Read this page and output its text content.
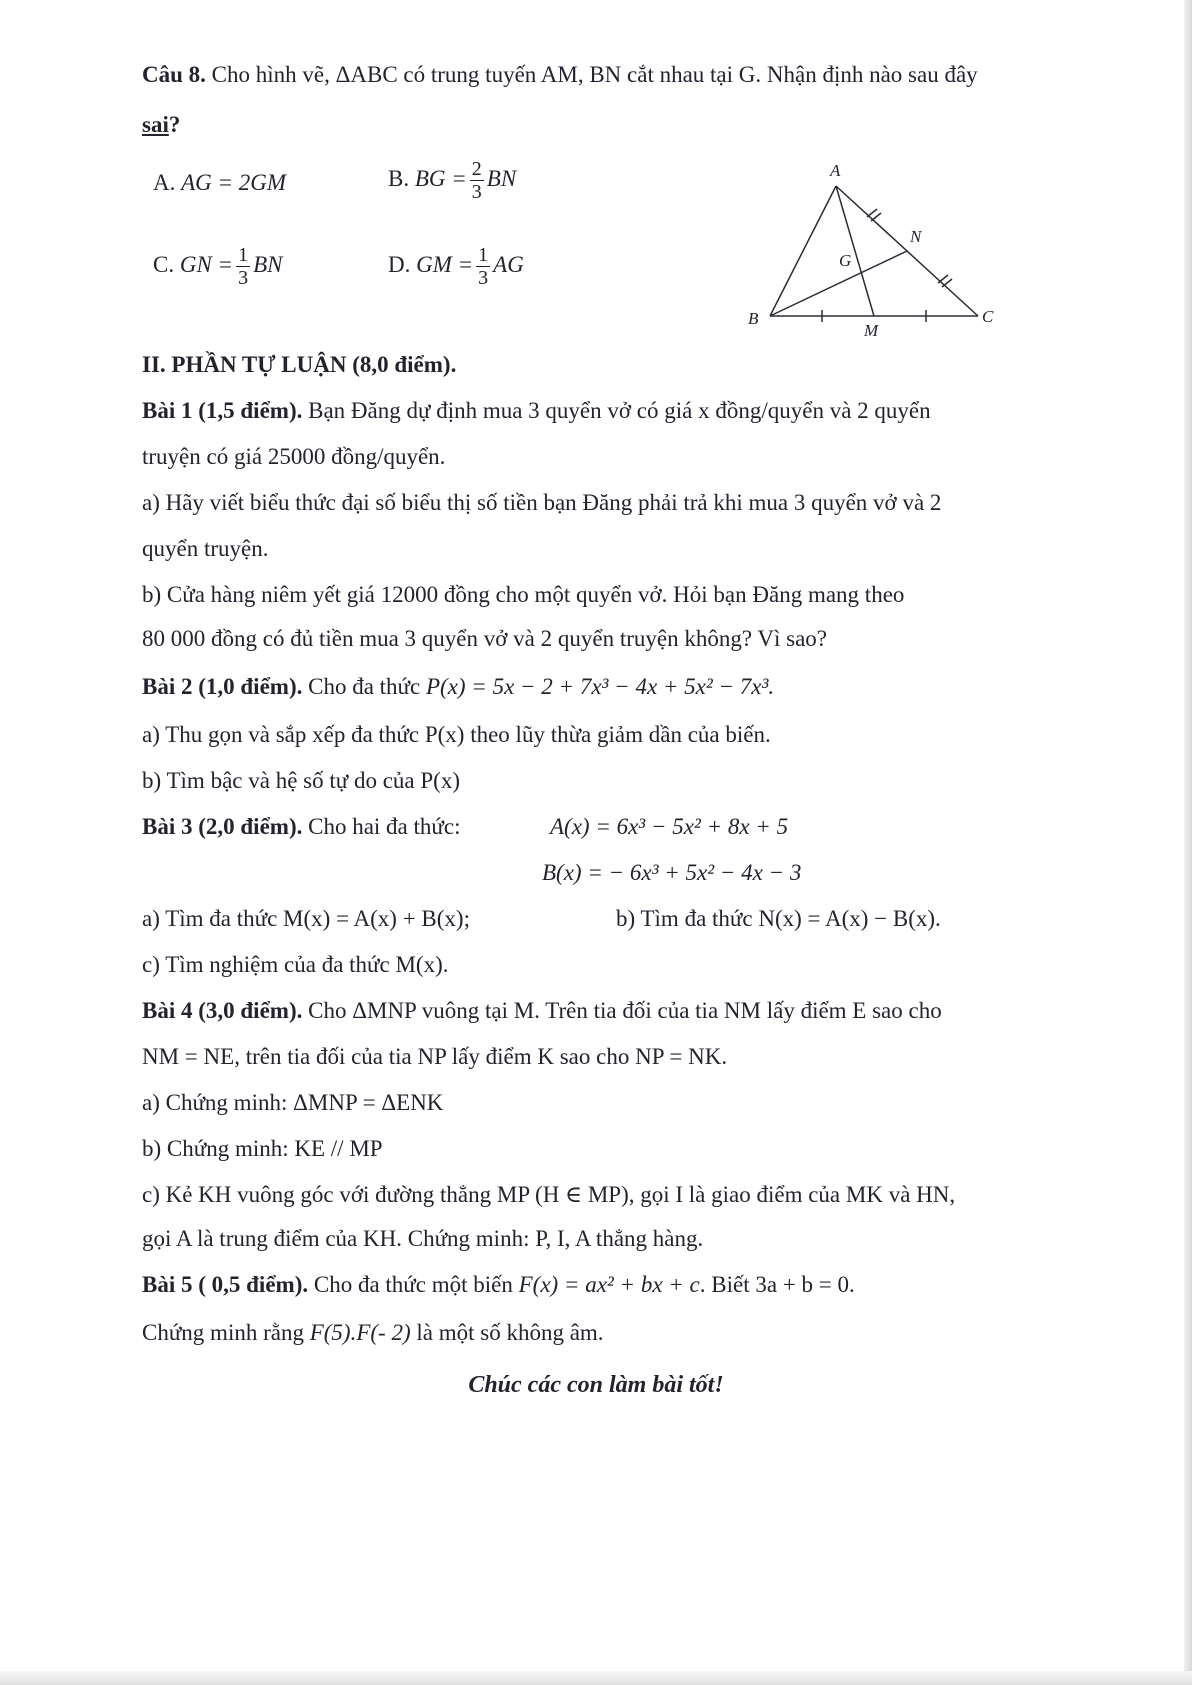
Câu 8. Cho hình vẽ, ΔABC có trung tuyến AM, BN cắt nhau tại G. Nhận định nào sau đây
sai?
A. AG = 2GM	B. BG = $\frac{2}{3}$ BN
C. GN = $\frac{1}{3}$ BN	D. GM = $\frac{1}{3}$ AG
A
B	C
M
N
G
II. PHẦN TỰ LUẬN (8,0 điểm).
Bài 1 (1,5 điểm). Bạn Đăng dự định mua 3 quyển vở có giá x đồng/quyển và 2 quyển
truyện có giá 25000 đồng/quyển.
a) Hãy viết biểu thức đại số biểu thị số tiền bạn Đăng phải trả khi mua 3 quyển vở và 2
quyển truyện.
b) Cửa hàng niêm yết giá 12000 đồng cho một quyển vở. Hỏi bạn Đăng mang theo
80 000 đồng có đủ tiền mua 3 quyển vở và 2 quyển truyện không? Vì sao?
Bài 2 (1,0 điểm). Cho đa thức P(x) = 5x − 2 + 7x³ − 4x + 5x² − 7x³.
a) Thu gọn và sắp xếp đa thức P(x) theo lũy thừa giảm dần của biến.
b) Tìm bậc và hệ số tự do của P(x)
Bài 3 (2,0 điểm). Cho hai đa thức:	A(x) = 6x³ − 5x² + 8x + 5
B(x) = − 6x³ + 5x² − 4x − 3
a) Tìm đa thức M(x) = A(x) + B(x);	b) Tìm đa thức N(x) = A(x) − B(x).
c) Tìm nghiệm của đa thức M(x).
Bài 4 (3,0 điểm). Cho ΔMNP vuông tại M. Trên tia đối của tia NM lấy điểm E sao cho
NM = NE, trên tia đối của tia NP lấy điểm K sao cho NP = NK.
a) Chứng minh: ΔMNP = ΔENK
b) Chứng minh: KE // MP
c) Kẻ KH vuông góc với đường thẳng MP (H ∈ MP), gọi I là giao điểm của MK và HN,
gọi A là trung điểm của KH. Chứng minh: P, I, A thẳng hàng.
Bài 5 ( 0,5 điểm). Cho đa thức một biến F(x) = ax² + bx + c. Biết 3a + b = 0.
Chứng minh rằng F(5).F(- 2) là một số không âm.
Chúc các con làm bài tốt!
